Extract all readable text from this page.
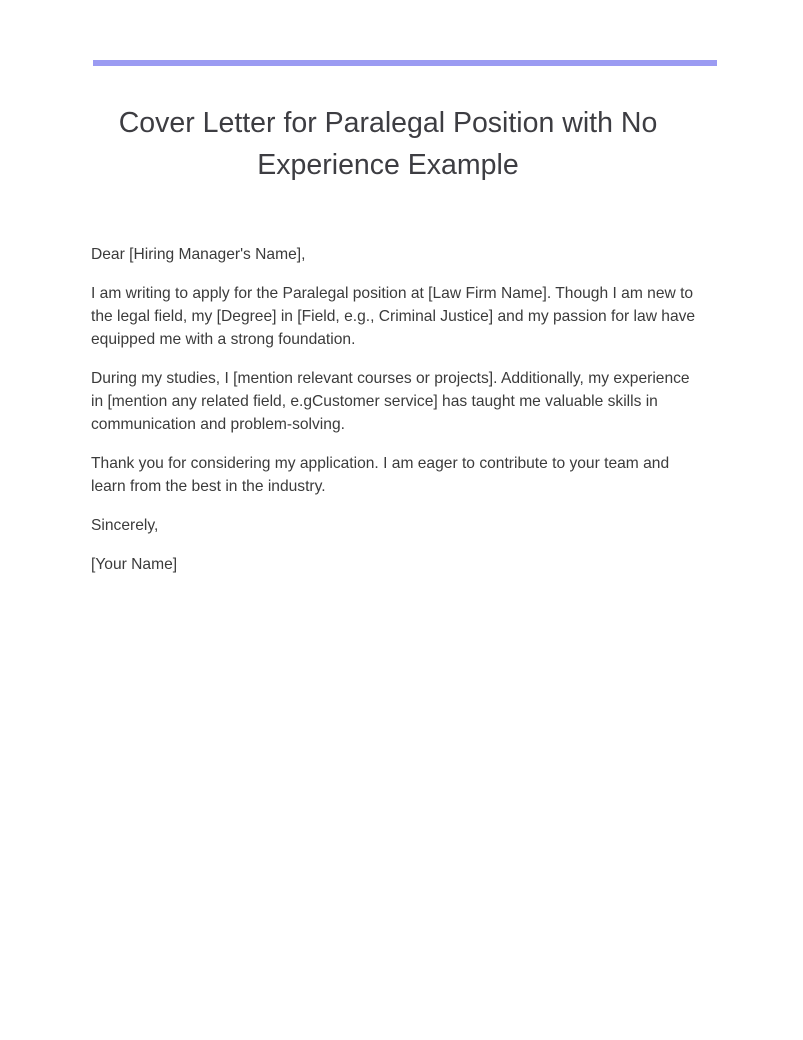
Cover Letter for Paralegal Position with No Experience Example

Dear [Hiring Manager's Name],

I am writing to apply for the Paralegal position at [Law Firm Name]. Though I am new to the legal field, my [Degree] in [Field, e.g., Criminal Justice] and my passion for law have equipped me with a strong foundation.

During my studies, I [mention relevant courses or projects]. Additionally, my experience in [mention any related field, e.gCustomer service] has taught me valuable skills in communication and problem-solving.

Thank you for considering my application. I am eager to contribute to your team and learn from the best in the industry.

Sincerely,

[Your Name]
